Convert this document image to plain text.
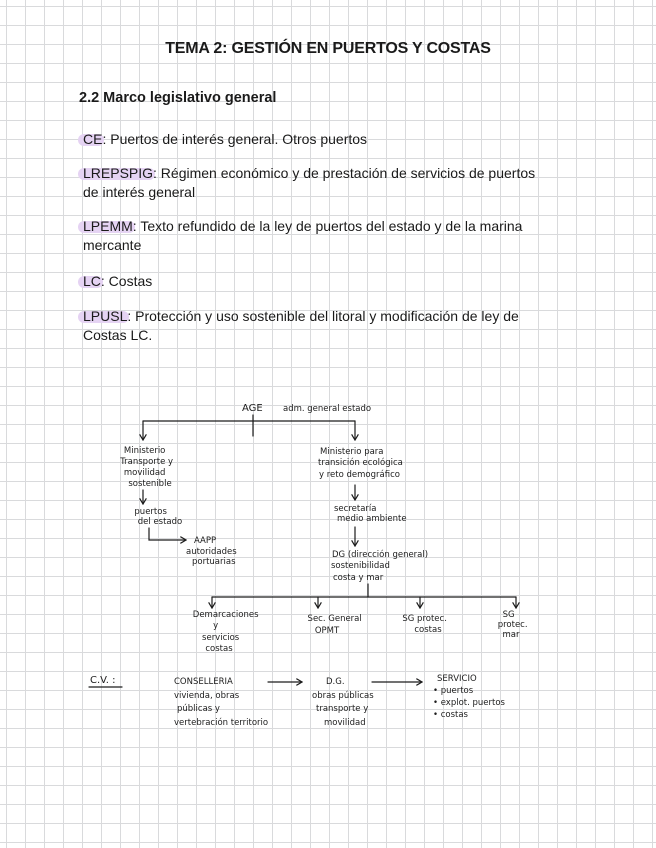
TEMA 2: GESTIÓN EN PUERTOS Y COSTAS
2.2 Marco legislativo general
CE: Puertos de interés general. Otros puertos
LREPSPIG: Régimen económico y de prestación de servicios de puertos de interés general
LPEMM: Texto refundido de la ley de puertos del estado y de la marina mercante
LC: Costas
LPUSL: Protección y uso sostenible del litoral y modificación de ley de Costas LC.
AGE adm. general estado
Ministerio Transporte y movilidad sostenible
puertos del estado
AAPP autoridades portuarias
Ministerio para transición ecológica y reto demográfico
secretaría medio ambiente
DG (dirección general) sostenibilidad costa y mar
Demarcaciones y servicios costas
Sec. General OPMT
SG protec. costas
SG protec. mar
C.V. :	CONSELLERIA vivienda, obras públicas y vertebración territorio
D.G. obras públicas transporte y movilidad
SERVICIO • puertos • explot. puertos • costas
